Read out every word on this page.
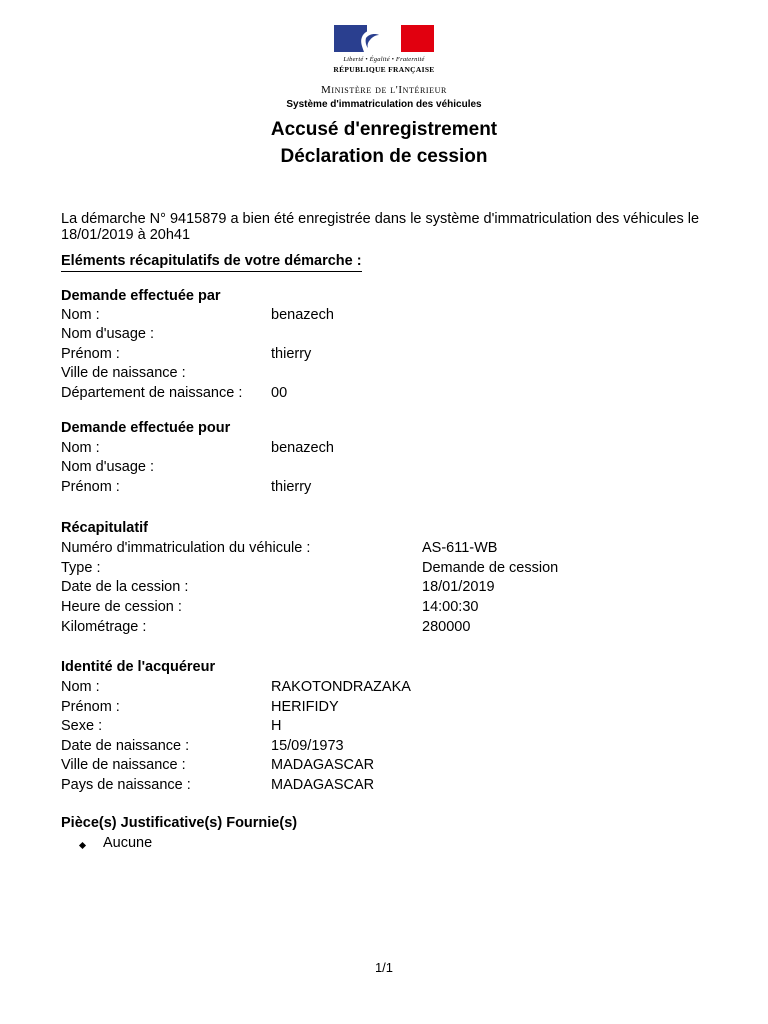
Liberté • Égalité • Fraternité
RÉPUBLIQUE FRANÇAISE
Ministère de l'Intérieur
Système d'immatriculation des véhicules
Accusé d'enregistrement
Déclaration de cession
La démarche N° 9415879 a bien été enregistrée dans le système d'immatriculation des véhicules le 18/01/2019 à 20h41
Eléments récapitulatifs de votre démarche :
Demande effectuée par
Nom :	benazech
Nom d'usage :
Prénom :	thierry
Ville de naissance :
Département de naissance : 00
Demande effectuée pour
Nom :	benazech
Nom d'usage :
Prénom :	thierry
Récapitulatif
Numéro d'immatriculation du véhicule :	AS-611-WB
Type :	Demande de cession
Date de la cession :	18/01/2019
Heure de cession :	14:00:30
Kilométrage :	280000
Identité de l'acquéreur
Nom :	RAKOTONDRAZAKA
Prénom :	HERIFIDY
Sexe :	H
Date de naissance :	15/09/1973
Ville de naissance :	MADAGASCAR
Pays de naissance :	MADAGASCAR
Pièce(s) Justificative(s) Fournie(s)
Aucune
1/1
